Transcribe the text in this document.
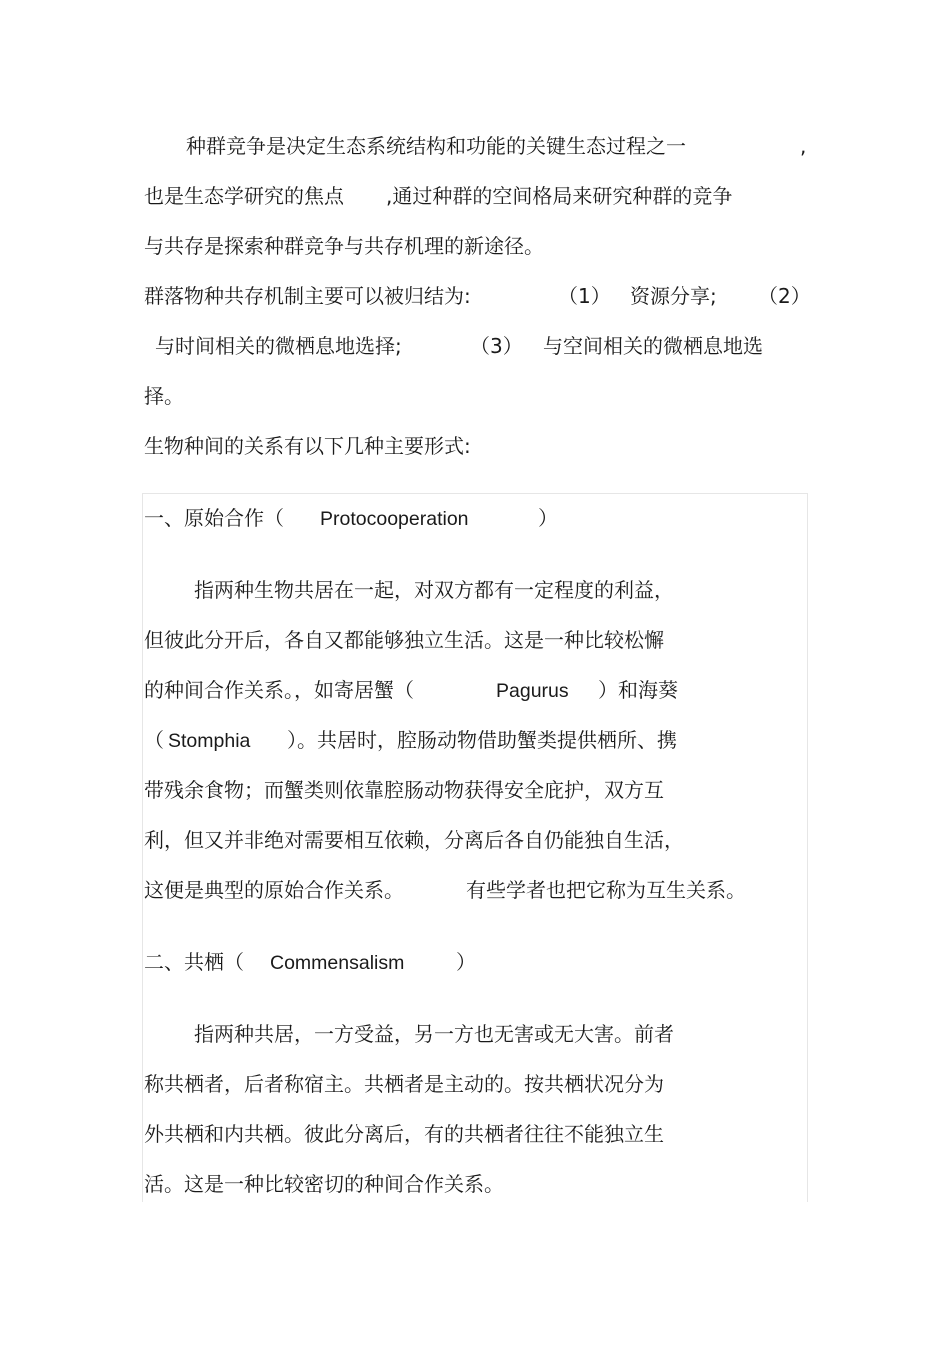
种群竞争是决定生态系统结构和功能的关键生态过程之一	,
也是生态学研究的焦点 ,通过种群的空间格局来研究种群的竞争
与共存是探索种群竞争与共存机理的新途径。
群落物种共存机制主要可以被归结为:	（1） 资源分享; （2）
与时间相关的微栖息地选择;	（3） 与空间相关的微栖息地选
择。
生物种间的关系有以下几种主要形式:
一、原始合作（ Protocooperation	）
指两种生物共居在一起，对双方都有一定程度的利益，
但彼此分开后，各自又都能够独立生活。这是一种比较松懈
的种间合作关系。，如寄居蟹（	Pagurus ）和海葵
（ Stomphia ）。共居时，腔肠动物借助蟹类提供栖所、携
带残余食物；而蟹类则依靠腔肠动物获得安全庇护，双方互
利，但又并非绝对需要相互依赖，分离后各自仍能独自生活，
这便是典型的原始合作关系。	有些学者也把它称为互生关系。
二、共栖（ Commensalism	）
指两种共居，一方受益，另一方也无害或无大害。前者
称共栖者，后者称宿主。共栖者是主动的。按共栖状况分为
外共栖和内共栖。彼此分离后，有的共栖者往往不能独立生
活。这是一种比较密切的种间合作关系。
